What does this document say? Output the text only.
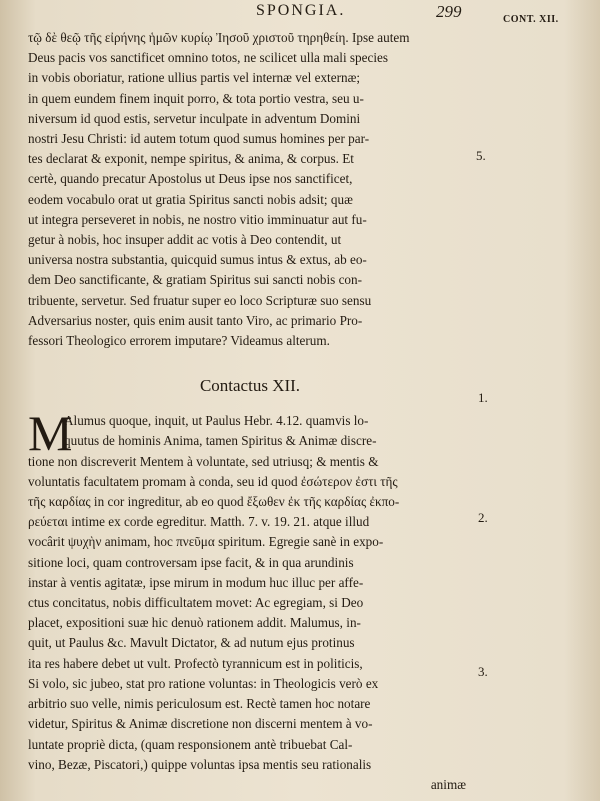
SPONGIA.	299	CONT. XII.
τῷ δὲ θεῷ τῆς εἰρήνης ἡμῶν κυρίῳ Ἰησοῦ χριστοῦ τηρηθείη. Ipse autem
Deus pacis vos sanctificet omnino totos, ne scilicet ulla mali species
in vobis oboriatur, ratione ullius partis vel internæ vel externæ;
in quem eundem finem inquit porro, & tota portio vestra, seu u-
niversum id quod estis, servetur inculpate in adventum Domini
nostri Jesu Christi: id autem totum quod sumus homines per par-
tes declarat & exponit, nempe spiritus, & anima, & corpus. Et
certè, quando precatur Apostolus ut Deus ipse nos sanctificet,
eodem vocabulo orat ut gratia Spiritus sancti nobis adsit; quæ
ut integra perseveret in nobis, ne nostro vitio imminuatur aut fu-
getur à nobis, hoc insuper addit ac votis à Deo contendit, ut
universa nostra substantia, quicquid sumus intus & extus, ab eo-
dem Deo sanctificante, & gratiam Spiritus sui sancti nobis con-
tribuente, servetur. Sed fruatur super eo loco Scripturæ suo sensu
Adversarius noster, quis enim ausit tanto Viro, ac primario Pro-
fessori Theologico errorem imputare? Videamus alterum.
Contactus XII.
M
Alumus quoque, inquit, ut Paulus Hebr. 4.12. quamvis lo-
quutus de hominis Anima, tamen Spiritus & Animæ discre-
tione non discreverit Mentem à voluntate, sed utriusq; & mentis &
voluntatis facultatem promam à conda, seu id quod ἐσώτερον ἐστι τῆς
τῆς καρδίας in cor ingreditur, ab eo quod ἔξωθεν ἐκ τῆς καρδίας ἐκπο-
ρεύεται intime ex corde egreditur. Matth. 7. v. 19. 21. atque illud
vocârit ψυχὴν animam, hoc πνεῦμα spiritum. Egregie sanè in expo-
sitione loci, quam controversam ipse facit, & in qua arundinis
instar à ventis agitatæ, ipse mirum in modum huc illuc per affe-
ctus concitatus, nobis difficultatem movet: Ac egregiam, si Deo
placet, expositioni suæ hic denuò rationem addit. Malumus, in-
quit, ut Paulus &c. Mavult Dictator, & ad nutum ejus protinus
ita res habere debet ut vult. Profectò tyrannicum est in politicis,
Si volo, sic jubeo, stat pro ratione voluntas: in Theologicis verò ex
arbitrio suo velle, nimis periculosum est. Rectè tamen hoc notare
videtur, Spiritus & Animæ discretione non discerni mentem à vo-
luntate propriè dicta, (quam responsionem antè tribuebat Cal-
vino, Bezæ, Piscatori,) quippe voluntas ipsa mentis seu rationalis
animæ
5.
1.
2.
3.
